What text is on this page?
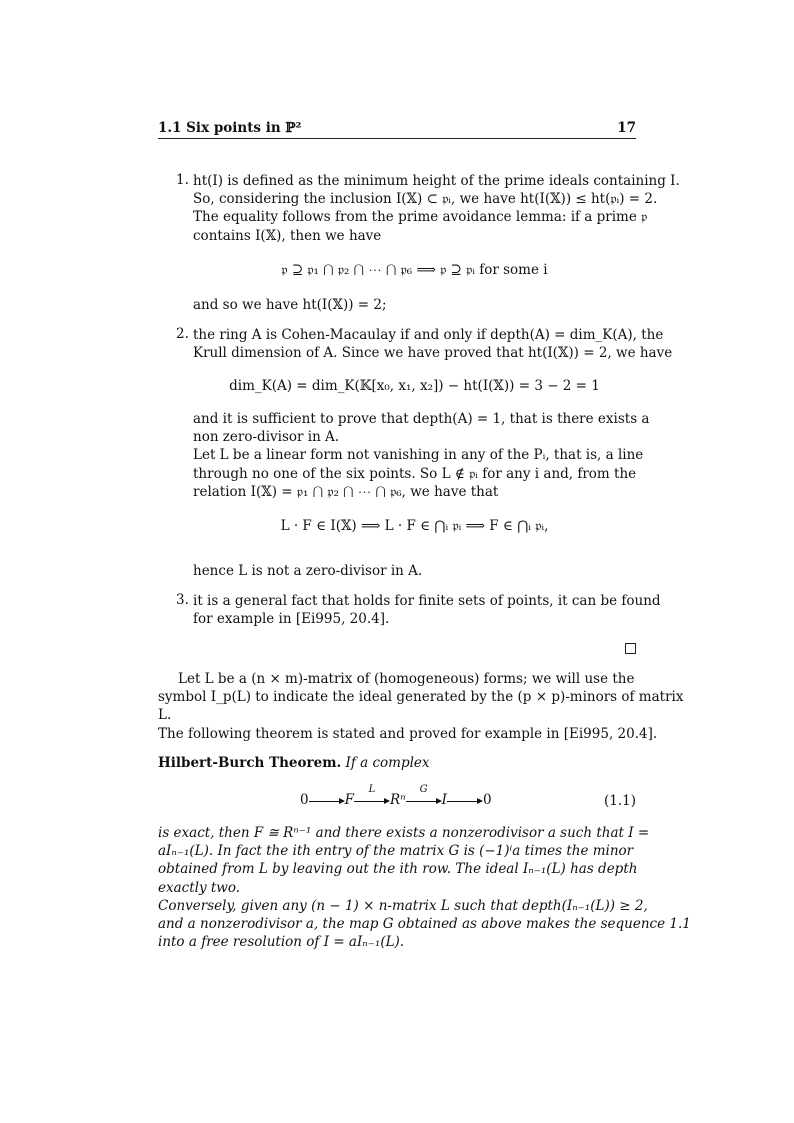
1.1 Six points in ℙ²	17
1. ht(I) is defined as the minimum height of the prime ideals containing I.
So, considering the inclusion I(𝕏) ⊂ 𝔭ᵢ, we have ht(I(𝕏)) ≤ ht(𝔭ᵢ) = 2.
The equality follows from the prime avoidance lemma: if a prime 𝔭
contains I(𝕏), then we have
𝔭 ⊇ 𝔭₁ ⋂ 𝔭₂ ⋂ ⋯ ⋂ 𝔭₆ ⟹ 𝔭 ⊇ 𝔭ᵢ for some i
and so we have ht(I(𝕏)) = 2;
2. the ring A is Cohen-Macaulay if and only if depth(A) = dim_K(A), the
Krull dimension of A. Since we have proved that ht(I(𝕏)) = 2, we have
dim_K(A) = dim_K(𝕂[x₀, x₁, x₂]) − ht(I(𝕏)) = 3 − 2 = 1
and it is sufficient to prove that depth(A) = 1, that is there exists a
non zero-divisor in A.
Let L be a linear form not vanishing in any of the Pᵢ, that is, a line
through no one of the six points. So L ∉ 𝔭ᵢ for any i and, from the
relation I(𝕏) = 𝔭₁ ⋂ 𝔭₂ ⋂ ⋯ ⋂ 𝔭₆, we have that
L · F ∈ I(𝕏) ⟹ L · F ∈ ⋂ᵢ 𝔭ᵢ ⟹ F ∈ ⋂ᵢ 𝔭ᵢ,
hence L is not a zero-divisor in A.
3. it is a general fact that holds for finite sets of points, it can be found
for example in [Ei995, 20.4].
Let L be a (n × m)-matrix of (homogeneous) forms; we will use the
symbol I_p(L) to indicate the ideal generated by the (p × p)-minors of matrix
L.
The following theorem is stated and proved for example in [Ei995, 20.4].
Hilbert-Burch Theorem. If a complex
0	F
L
Rⁿ
G
I	0	(1.1)
is exact, then F ≅ Rⁿ⁻¹ and there exists a nonzerodivisor a such that I =
aIₙ₋₁(L). In fact the ith entry of the matrix G is (−1)ⁱa times the minor
obtained from L by leaving out the ith row. The ideal Iₙ₋₁(L) has depth
exactly two.
Conversely, given any (n − 1) × n-matrix L such that depth(Iₙ₋₁(L)) ≥ 2,
and a nonzerodivisor a, the map G obtained as above makes the sequence 1.1
into a free resolution of I = aIₙ₋₁(L).
